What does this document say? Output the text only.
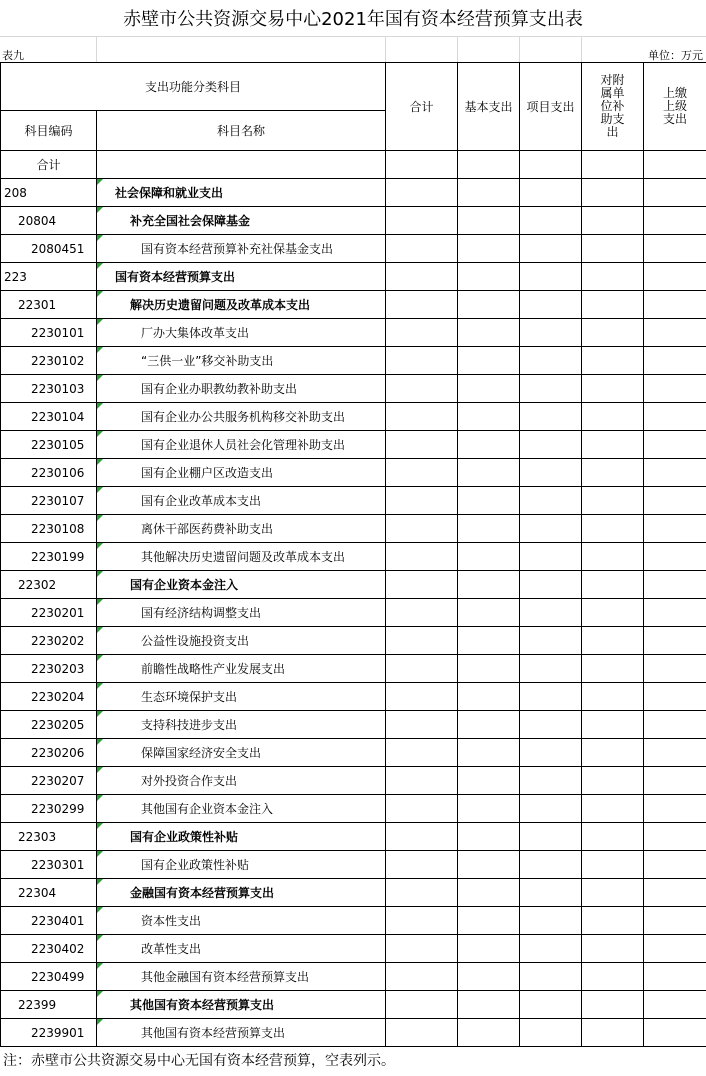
赤壁市公共资源交易中心2021年国有资本经营预算支出表
表九	单位：万元
支出功能分类科目		合计	基本支出	项目支出	对附属单位补助支出	上缴上级支出
科目编码	科目名称					
合计						
208	社会保障和就业支出					
20804	补充全国社会保障基金					
2080451	国有资本经营预算补充社保基金支出					
223	国有资本经营预算支出					
22301	解决历史遗留问题及改革成本支出					
2230101	厂办大集体改革支出					
2230102	“三供一业”移交补助支出					
2230103	国有企业办职教幼教补助支出					
2230104	国有企业办公共服务机构移交补助支出					
2230105	国有企业退休人员社会化管理补助支出					
2230106	国有企业棚户区改造支出					
2230107	国有企业改革成本支出					
2230108	离休干部医药费补助支出					
2230199	其他解决历史遗留问题及改革成本支出					
22302	国有企业资本金注入					
2230201	国有经济结构调整支出					
2230202	公益性设施投资支出					
2230203	前瞻性战略性产业发展支出					
2230204	生态环境保护支出					
2230205	支持科技进步支出					
2230206	保障国家经济安全支出					
2230207	对外投资合作支出					
2230299	其他国有企业资本金注入					
22303	国有企业政策性补贴					
2230301	国有企业政策性补贴					
22304	金融国有资本经营预算支出					
2230401	资本性支出					
2230402	改革性支出					
2230499	其他金融国有资本经营预算支出					
22399	其他国有资本经营预算支出					
2239901	其他国有资本经营预算支出					
注：赤壁市公共资源交易中心无国有资本经营预算，空表列示。
